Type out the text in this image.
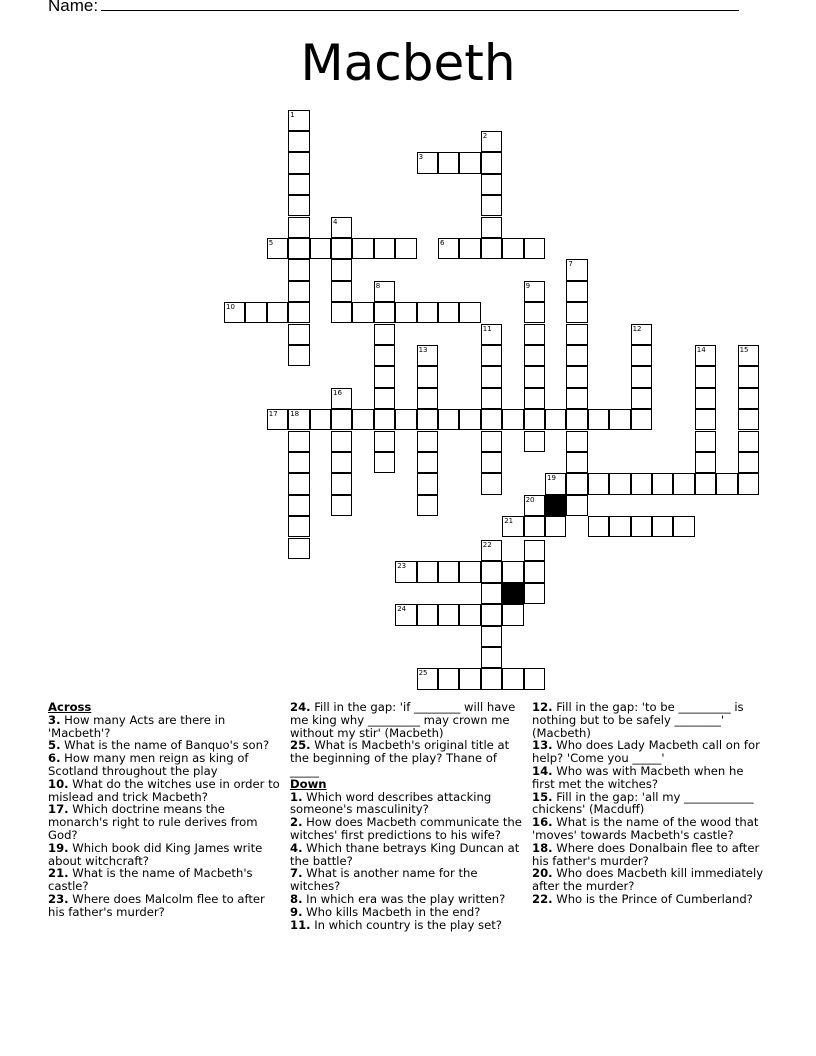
Name:
Macbeth
1
2
3
4
5	6
7
8	9
10
11	12
13	14	15
16
17 18
19
20
21
22
23
24
25
Across
3. How many Acts are there in 'Macbeth'?
5. What is the name of Banquo's son?
6. How many men reign as king of Scotland throughout the play
10. What do the witches use in order to mislead and trick Macbeth?
17. Which doctrine means the monarch's right to rule derives from God?
19. Which book did King James write about witchcraft?
21. What is the name of Macbeth's castle?
23. Where does Malcolm flee to after his father's murder?
24. Fill in the gap: 'if ________ will have me king why _________ may crown me without my stir' (Macbeth)
25. What is Macbeth's original title at the beginning of the play? Thane of _____
Down
1. Which word describes attacking someone's masculinity?
2. How does Macbeth communicate the witches' first predictions to his wife?
4. Which thane betrays King Duncan at the battle?
7. What is another name for the witches?
8. In which era was the play written?
9. Who kills Macbeth in the end?
11. In which country is the play set?
12. Fill in the gap: 'to be _________ is nothing but to be safely ________' (Macbeth)
13. Who does Lady Macbeth call on for help? 'Come you _____'
14. Who was with Macbeth when he first met the witches?
15. Fill in the gap: 'all my ____________ chickens' (Macduff)
16. What is the name of the wood that 'moves' towards Macbeth's castle?
18. Where does Donalbain flee to after his father's murder?
20. Who does Macbeth kill immediately after the murder?
22. Who is the Prince of Cumberland?
